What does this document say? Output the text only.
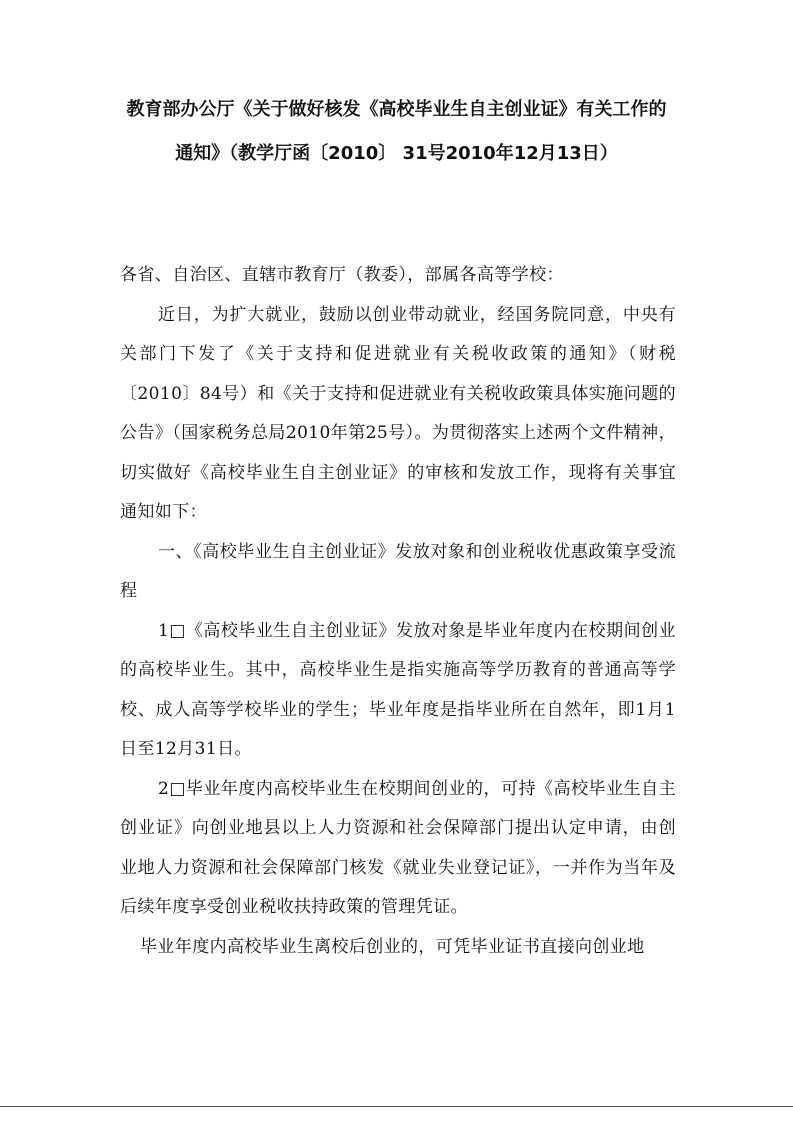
教育部办公厅《关于做好核发《高校毕业生自主创业证》有关工作的
通知》（教学厅函〔2010〕 31号2010年12月13日）

各省、自治区、直辖市教育厅（教委），部属各高等学校：

近日，为扩大就业，鼓励以创业带动就业，经国务院同意，中央有关部门下发了《关于支持和促进就业有关税收政策的通知》（财税〔2010〕84号）和《关于支持和促进就业有关税收政策具体实施问题的公告》（国家税务总局2010年第25号）。为贯彻落实上述两个文件精神，切实做好《高校毕业生自主创业证》的审核和发放工作，现将有关事宜通知如下：

一、《高校毕业生自主创业证》发放对象和创业税收优惠政策享受流程

1□《高校毕业生自主创业证》发放对象是毕业年度内在校期间创业的高校毕业生。其中，高校毕业生是指实施高等学历教育的普通高等学校、成人高等学校毕业的学生；毕业年度是指毕业所在自然年，即1月1日至12月31日。

2□毕业年度内高校毕业生在校期间创业的，可持《高校毕业生自主创业证》向创业地县以上人力资源和社会保障部门提出认定申请，由创业地人力资源和社会保障部门核发《就业失业登记证》，一并作为当年及后续年度享受创业税收扶持政策的管理凭证。

毕业年度内高校毕业生离校后创业的，可凭毕业证书直接向创业地
